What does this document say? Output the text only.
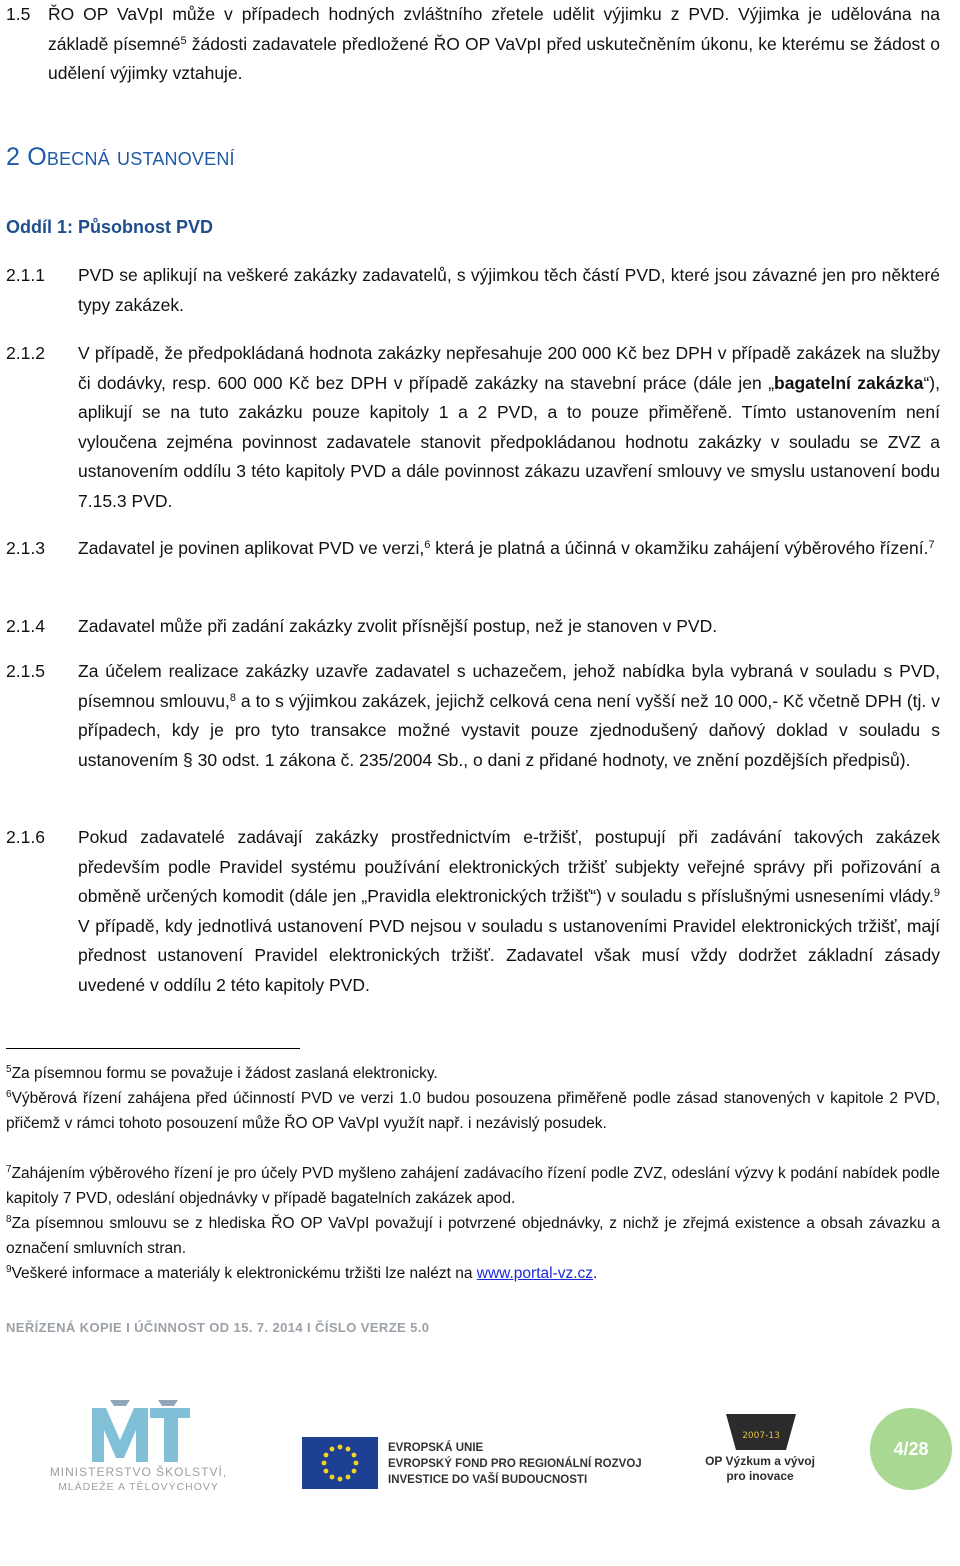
1.5 ŘO OP VaVpI může v případech hodných zvláštního zřetele udělit výjimku z PVD. Výjimka je udělována na základě písemné$^5$ žádosti zadavatele předložené ŘO OP VaVpI před uskutečněním úkonu, ke kterému se žádost o udělení výjimky vztahuje.
2 Obecná ustanovení
Oddíl 1: Působnost PVD
2.1.1 PVD se aplikují na veškeré zakázky zadavatelů, s výjimkou těch částí PVD, které jsou závazné jen pro některé typy zakázek.
2.1.2 V případě, že předpokládaná hodnota zakázky nepřesahuje 200 000 Kč bez DPH v případě zakázek na služby či dodávky, resp. 600 000 Kč bez DPH v případě zakázky na stavební práce (dále jen „bagatelní zakázka“), aplikují se na tuto zakázku pouze kapitoly 1 a 2 PVD, a to pouze přiměřeně. Tímto ustanovením není vyloučena zejména povinnost zadavatele stanovit předpokládanou hodnotu zakázky v souladu se ZVZ a ustanovením oddílu 3 této kapitoly PVD a dále povinnost zákazu uzavření smlouvy ve smyslu ustanovení bodu 7.15.3 PVD.
2.1.3 Zadavatel je povinen aplikovat PVD ve verzi,$^6$ která je platná a účinná v okamžiku zahájení výběrového řízení.$^7$
2.1.4 Zadavatel může při zadání zakázky zvolit přísnější postup, než je stanoven v PVD.
2.1.5 Za účelem realizace zakázky uzavře zadavatel s uchazečem, jehož nabídka byla vybraná v souladu s PVD, písemnou smlouvu,$^8$ a to s výjimkou zakázek, jejichž celková cena není vyšší než 10 000,- Kč včetně DPH (tj. v případech, kdy je pro tyto transakce možné vystavit pouze zjednodušený daňový doklad v souladu s ustanovením § 30 odst. 1 zákona č. 235/2004 Sb., o dani z přidané hodnoty, ve znění pozdějších předpisů).
2.1.6 Pokud zadavatelé zadávají zakázky prostřednictvím e-tržišť, postupují při zadávání takových zakázek především podle Pravidel systému používání elektronických tržišť subjekty veřejné správy při pořizování a obměně určených komodit (dále jen „Pravidla elektronických tržišť“) v souladu s příslušnými usneseními vlády.$^9$ V případě, kdy jednotlivá ustanovení PVD nejsou v souladu s ustanoveními Pravidel elektronických tržišť, mají přednost ustanovení Pravidel elektronických tržišť. Zadavatel však musí vždy dodržet základní zásady uvedené v oddílu 2 této kapitoly PVD.
$^5$Za písemnou formu se považuje i žádost zaslaná elektronicky.
$^6$Výběrová řízení zahájena před účinností PVD ve verzi 1.0 budou posouzena přiměřeně podle zásad stanovených v kapitole 2 PVD, přičemž v rámci tohoto posouzení může ŘO OP VaVpI využít např. i nezávislý posudek.
$^7$Zahájením výběrového řízení je pro účely PVD myšleno zahájení zadávacího řízení podle ZVZ, odeslání výzvy k podání nabídek podle kapitoly 7 PVD, odeslání objednávky v případě bagatelních zakázek apod.
$^8$Za písemnou smlouvu se z hlediska ŘO OP VaVpI považují i potvrzené objednávky, z nichž je zřejmá existence a obsah závazku a označení smluvních stran.
$^9$Veškeré informace a materiály k elektronickému tržišti lze nalézt na www.portal-vz.cz.
NEŘÍZENÁ KOPIE I ÚČINNOST OD 15. 7. 2014 I ČÍSLO VERZE 5.0
MINISTERSTVO ŠKOLSTVÍ,
MLÁDEŽE A TĚLOVÝCHOVY
EVROPSKÁ UNIE
EVROPSKÝ FOND PRO REGIONÁLNÍ ROZVOJ
INVESTICE DO VAŠÍ BUDOUCNOSTI
2007-13
OP Výzkum a vývoj
pro inovace
4/28
